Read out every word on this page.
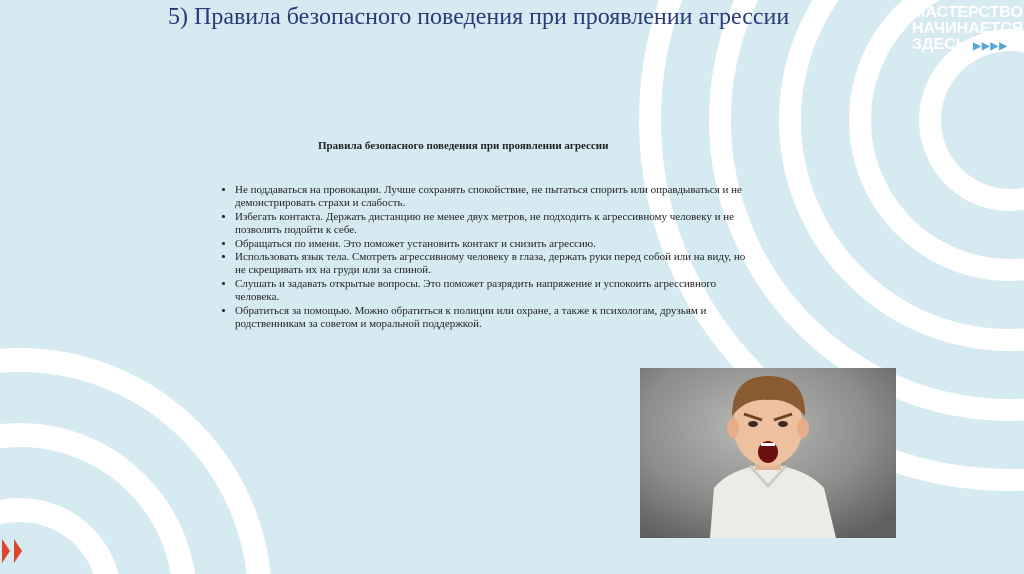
5) Правила безопасного поведения при проявлении агрессии	МАСТЕРСТВО
НАЧИНАЕТСЯ
ЗДЕСЬ ▶▶▶▶
Правила безопасного поведения при проявлении агрессии
• Не поддаваться на провокации. Лучше сохранять спокойствие, не пытаться спорить или оправдываться и не демонстрировать страхи и слабость.
• Избегать контакта. Держать дистанцию не менее двух метров, не подходить к агрессивному человеку и не позволять подойти к себе.
• Обращаться по имени. Это поможет установить контакт и снизить агрессию.
• Использовать язык тела. Смотреть агрессивному человеку в глаза, держать руки перед собой или на виду, но не скрещивать их на груди или за спиной.
• Слушать и задавать открытые вопросы. Это поможет разрядить напряжение и успокоить агрессивного человека.
• Обратиться за помощью. Можно обратиться к полиции или охране, а также к психологам, друзьям и родственникам за советом и моральной поддержкой.
